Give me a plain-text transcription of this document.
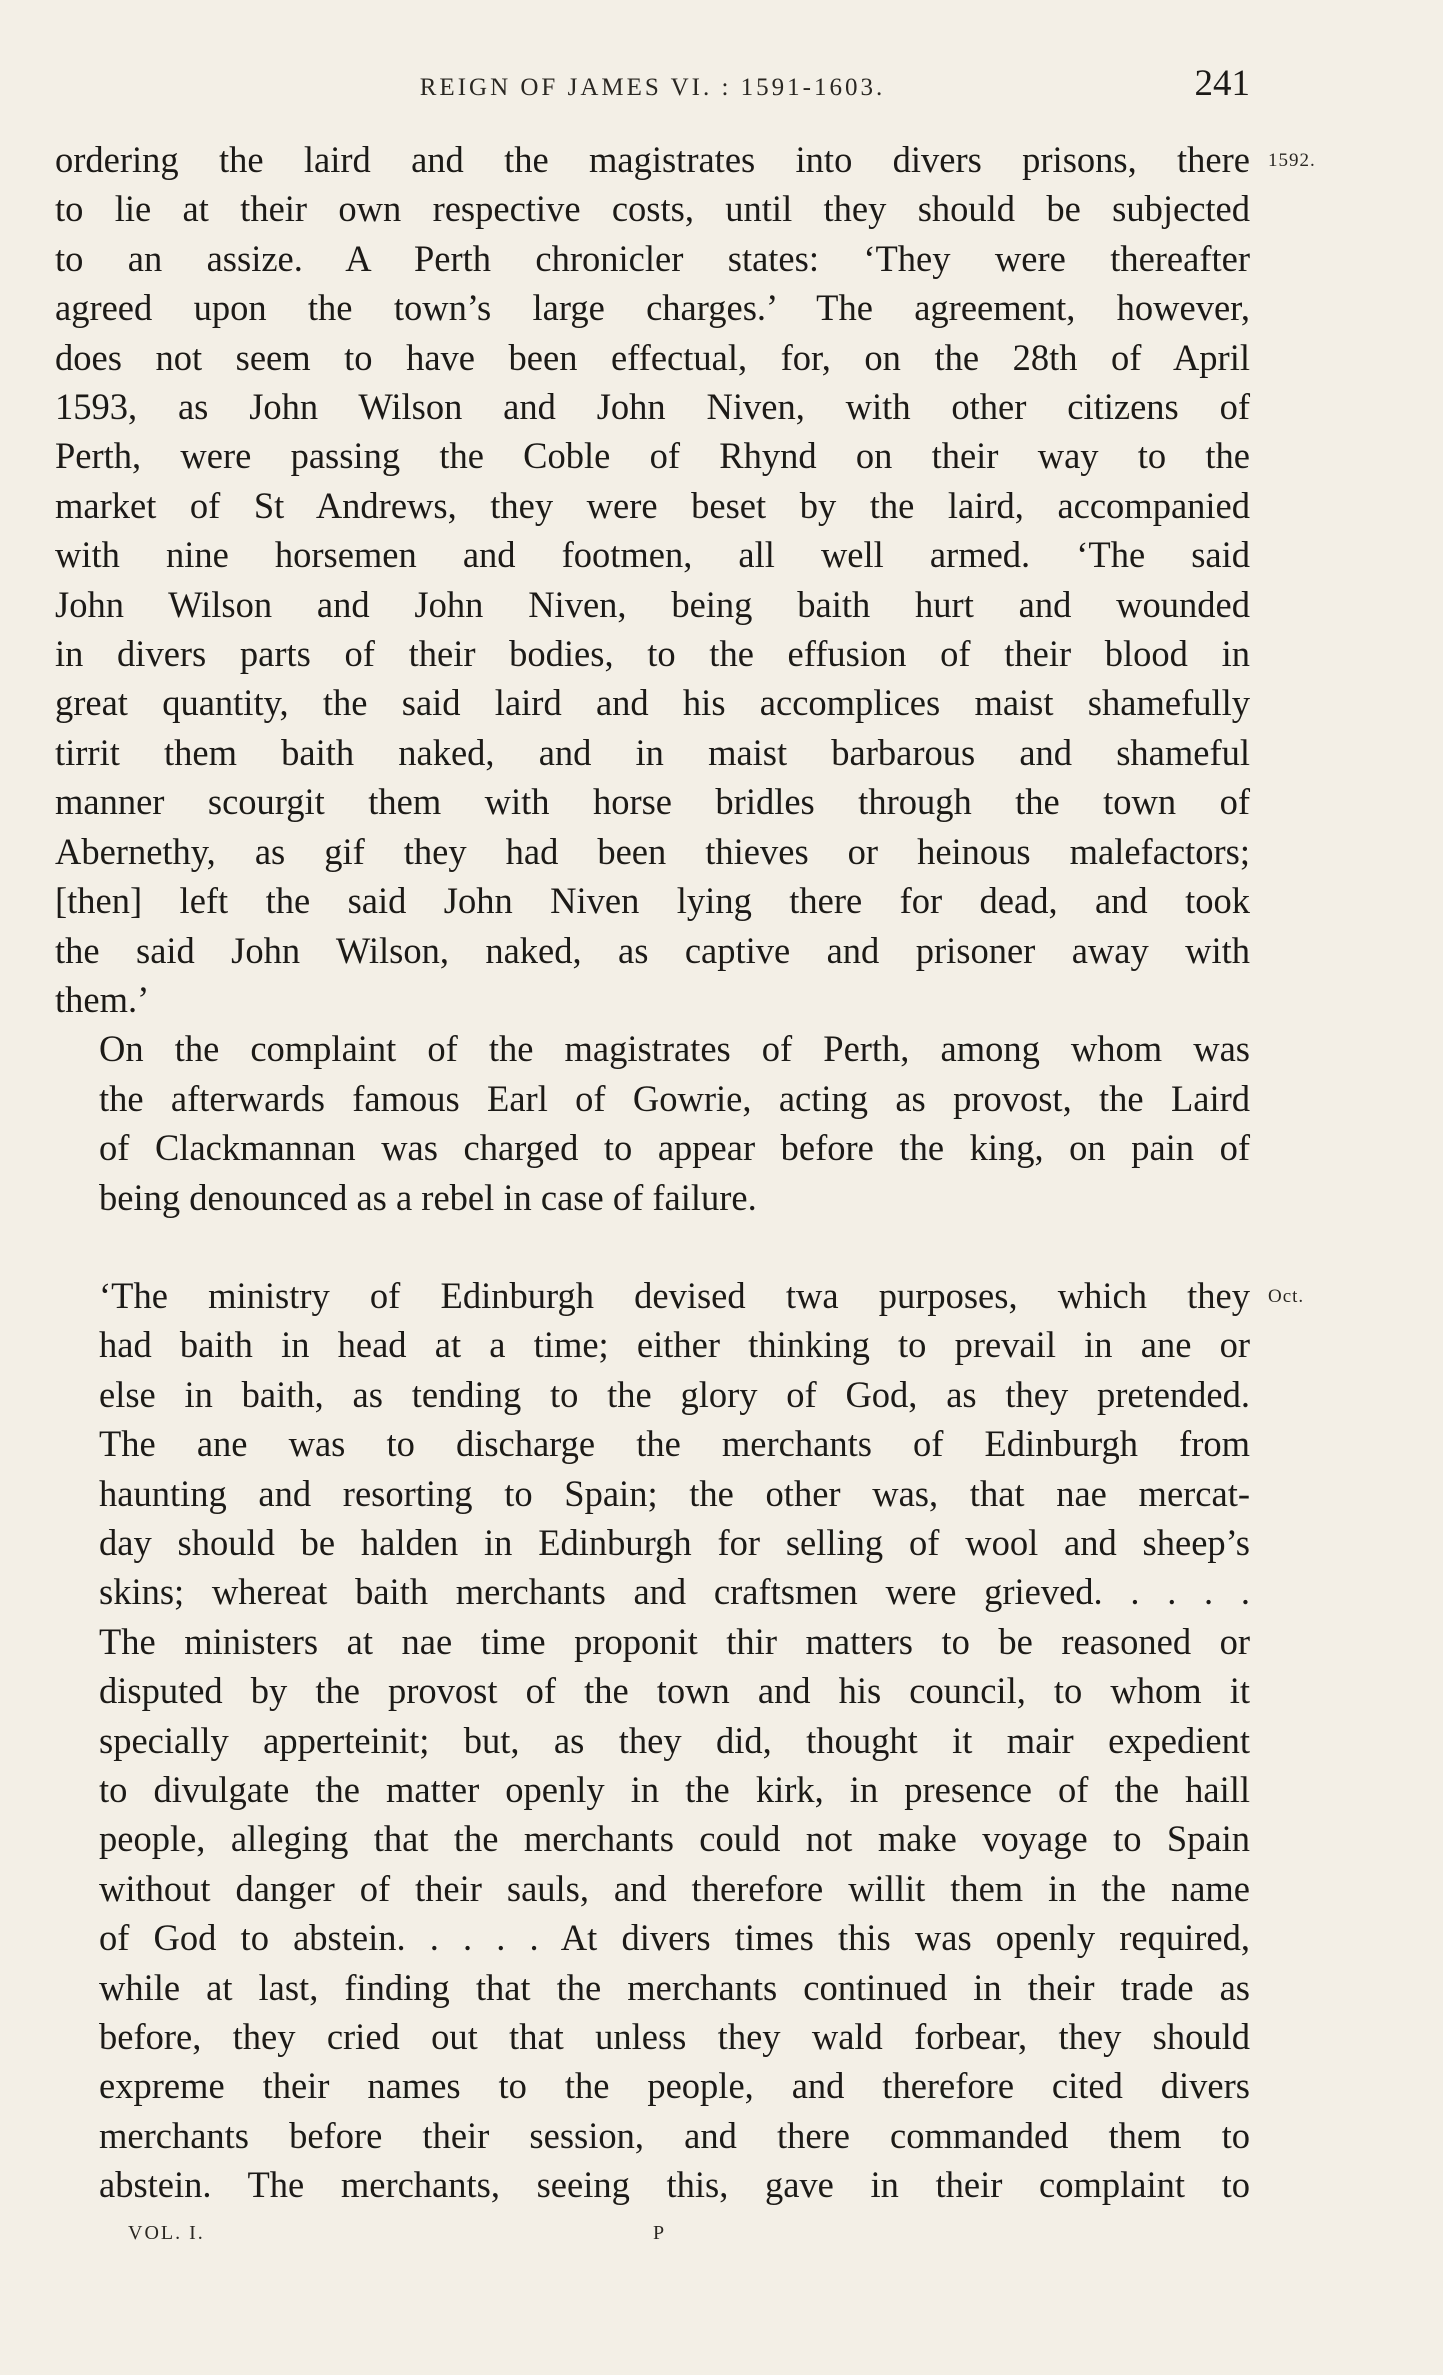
REIGN OF JAMES VI. : 1591-1603.	241
1592.
Oct.

ordering the laird and the magistrates into divers prisons, there
to lie at their own respective costs, until they should be subjected
to an assize. A Perth chronicler states: ‘They were thereafter
agreed upon the town’s large charges.’ The agreement, however,
does not seem to have been effectual, for, on the 28th of April
1593, as John Wilson and John Niven, with other citizens of
Perth, were passing the Coble of Rhynd on their way to the
market of St Andrews, they were beset by the laird, accompanied
with nine horsemen and footmen, all well armed. ‘The said
John Wilson and John Niven, being baith hurt and wounded
in divers parts of their bodies, to the effusion of their blood in
great quantity, the said laird and his accomplices maist shamefully
tirrit them baith naked, and in maist barbarous and shameful
manner scourgit them with horse bridles through the town of
Abernethy, as gif they had been thieves or heinous malefactors;
[then] left the said John Niven lying there for dead, and took
the said John Wilson, naked, as captive and prisoner away with
them.’

On the complaint of the magistrates of Perth, among whom was
the afterwards famous Earl of Gowrie, acting as provost, the Laird
of Clackmannan was charged to appear before the king, on pain of
being denounced as a rebel in case of failure.

‘The ministry of Edinburgh devised twa purposes, which they
had baith in head at a time; either thinking to prevail in ane or
else in baith, as tending to the glory of God, as they pretended.
The ane was to discharge the merchants of Edinburgh from
haunting and resorting to Spain; the other was, that nae mercat-
day should be halden in Edinburgh for selling of wool and sheep’s
skins; whereat baith merchants and craftsmen were grieved. . . . .
The ministers at nae time proponit thir matters to be reasoned or
disputed by the provost of the town and his council, to whom it
specially apperteinit; but, as they did, thought it mair expedient
to divulgate the matter openly in the kirk, in presence of the haill
people, alleging that the merchants could not make voyage to Spain
without danger of their sauls, and therefore willit them in the name
of God to abstein. . . . . At divers times this was openly required,
while at last, finding that the merchants continued in their trade as
before, they cried out that unless they wald forbear, they should
expreme their names to the people, and therefore cited divers
merchants before their session, and there commanded them to
abstein. The merchants, seeing this, gave in their complaint to

VOL. I.	P
